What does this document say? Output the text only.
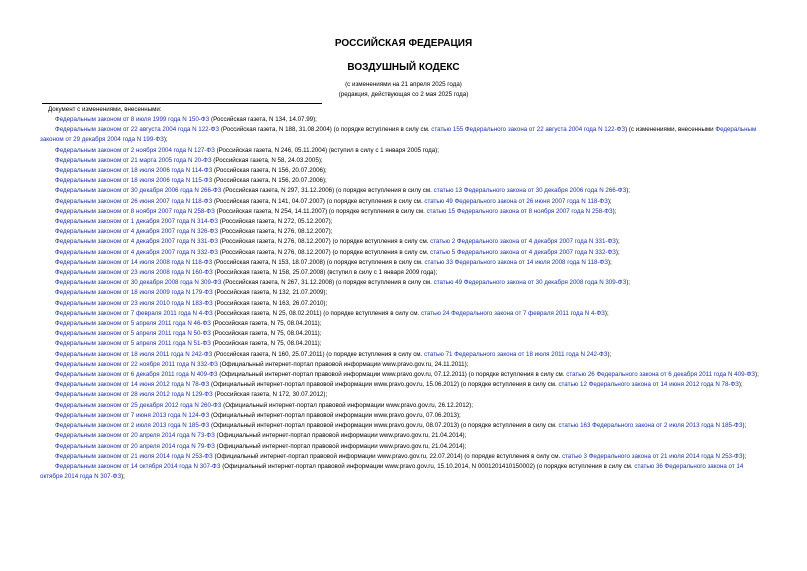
РОССИЙСКАЯ ФЕДЕРАЦИЯ
ВОЗДУШНЫЙ КОДЕКС
(с изменениями на 21 апреля 2025 года)
(редакция, действующая со 2 мая 2025 года)
Документ с изменениями, внесенными:
Федеральным законом от 8 июля 1999 года N 150-ФЗ (Российская газета, N 134, 14.07.99);
Федеральным законом от 22 августа 2004 года N 122-ФЗ (Российская газета, N 188, 31.08.2004) (о порядке вступления в силу см. статью 155 Федерального закона от 22 августа 2004 года N 122-ФЗ) (с изменениями, внесенными Федеральным законом от 29 декабря 2004 года N 199-ФЗ);
Федеральным законом от 2 ноября 2004 года N 127-ФЗ (Российская газета, N 246, 05.11.2004) (вступил в силу с 1 января 2005 года);
Федеральным законом от 21 марта 2005 года N 20-ФЗ (Российская газета, N 58, 24.03.2005);
Федеральным законом от 18 июля 2006 года N 114-ФЗ (Российская газета, N 156, 20.07.2006);
Федеральным законом от 18 июля 2006 года N 115-ФЗ (Российская газета, N 156, 20.07.2006);
Федеральным законом от 30 декабря 2006 года N 266-ФЗ (Российская газета, N 297, 31.12.2006) (о порядке вступления в силу см. статью 13 Федерального закона от 30 декабря 2006 года N 266-ФЗ);
Федеральным законом от 26 июня 2007 года N 118-ФЗ (Российская газета, N 141, 04.07.2007) (о порядке вступления в силу см. статью 49 Федерального закона от 26 июня 2007 года N 118-ФЗ);
Федеральным законом от 8 ноября 2007 года N 258-ФЗ (Российская газета, N 254, 14.11.2007) (о порядке вступления в силу см. статью 15 Федерального закона от 8 ноября 2007 года N 258-ФЗ);
Федеральным законом от 1 декабря 2007 года N 314-ФЗ (Российская газета, N 272, 05.12.2007);
Федеральным законом от 4 декабря 2007 года N 326-ФЗ (Российская газета, N 276, 08.12.2007);
Федеральным законом от 4 декабря 2007 года N 331-ФЗ (Российская газета, N 276, 08.12.2007) (о порядке вступления в силу см. статью 2 Федерального закона от 4 декабря 2007 года N 331-ФЗ);
Федеральным законом от 4 декабря 2007 года N 332-ФЗ (Российская газета, N 276, 08.12.2007) (о порядке вступления в силу см. статью 5 Федерального закона от 4 декабря 2007 года N 332-ФЗ);
Федеральным законом от 14 июля 2008 года N 118-ФЗ (Российская газета, N 153, 18.07.2008) (о порядке вступления в силу см. статью 33 Федерального закона от 14 июля 2008 года N 118-ФЗ);
Федеральным законом от 23 июля 2008 года N 160-ФЗ (Российская газета, N 158, 25.07.2008) (вступил в силу с 1 января 2009 года);
Федеральным законом от 30 декабря 2008 года N 309-ФЗ (Российская газета, N 267, 31.12.2008) (о порядке вступления в силу см. статью 49 Федерального закона от 30 декабря 2008 года N 309-ФЗ);
Федеральным законом от 18 июля 2009 года N 179-ФЗ (Российская газета, N 132, 21.07.2009);
Федеральным законом от 23 июля 2010 года N 183-ФЗ (Российская газета, N 163, 26.07.2010);
Федеральным законом от 7 февраля 2011 года N 4-ФЗ (Российская газета, N 25, 08.02.2011) (о порядке вступления в силу см. статью 24 Федерального закона от 7 февраля 2011 года N 4-ФЗ);
Федеральным законом от 5 апреля 2011 года N 46-ФЗ (Российская газета, N 75, 08.04.2011);
Федеральным законом от 5 апреля 2011 года N 50-ФЗ (Российская газета, N 75, 08.04.2011);
Федеральным законом от 5 апреля 2011 года N 51-ФЗ (Российская газета, N 75, 08.04.2011);
Федеральным законом от 18 июля 2011 года N 242-ФЗ (Российская газета, N 160, 25.07.2011) (о порядке вступления в силу см. статью 71 Федерального закона от 18 июля 2011 года N 242-ФЗ);
Федеральным законом от 22 ноября 2011 года N 332-ФЗ (Официальный интернет-портал правовой информации www.pravo.gov.ru, 24.11.2011);
Федеральным законом от 6 декабря 2011 года N 409-ФЗ (Официальный интернет-портал правовой информации www.pravo.gov.ru, 07.12.2011) (о порядке вступления в силу см. статью 26 Федерального закона от 6 декабря 2011 года N 409-ФЗ);
Федеральным законом от 14 июня 2012 года N 78-ФЗ (Официальный интернет-портал правовой информации www.pravo.gov.ru, 15.06.2012) (о порядке вступления в силу см. статью 12 Федерального закона от 14 июня 2012 года N 78-ФЗ);
Федеральным законом от 28 июля 2012 года N 129-ФЗ (Российская газета, N 172, 30.07.2012);
Федеральным законом от 25 декабря 2012 года N 260-ФЗ (Официальный интернет-портал правовой информации www.pravo.gov.ru, 26.12.2012);
Федеральным законом от 7 июня 2013 года N 124-ФЗ (Официальный интернет-портал правовой информации www.pravo.gov.ru, 07.06.2013);
Федеральным законом от 2 июля 2013 года N 185-ФЗ (Официальный интернет-портал правовой информации www.pravo.gov.ru, 08.07.2013) (о порядке вступления в силу см. статью 163 Федерального закона от 2 июля 2013 года N 185-ФЗ);
Федеральным законом от 20 апреля 2014 года N 73-ФЗ (Официальный интернет-портал правовой информации www.pravo.gov.ru, 21.04.2014);
Федеральным законом от 20 апреля 2014 года N 79-ФЗ (Официальный интернет-портал правовой информации www.pravo.gov.ru, 21.04.2014);
Федеральным законом от 21 июля 2014 года N 253-ФЗ (Официальный интернет-портал правовой информации www.pravo.gov.ru, 22.07.2014) (о порядке вступления в силу см. статью 3 Федерального закона от 21 июля 2014 года N 253-ФЗ);
Федеральным законом от 14 октября 2014 года N 307-ФЗ (Официальный интернет-портал правовой информации www.pravo.gov.ru, 15.10.2014, N 0001201410150002) (о порядке вступления в силу см. статью 36 Федерального закона от 14 октября 2014 года N 307-ФЗ);
